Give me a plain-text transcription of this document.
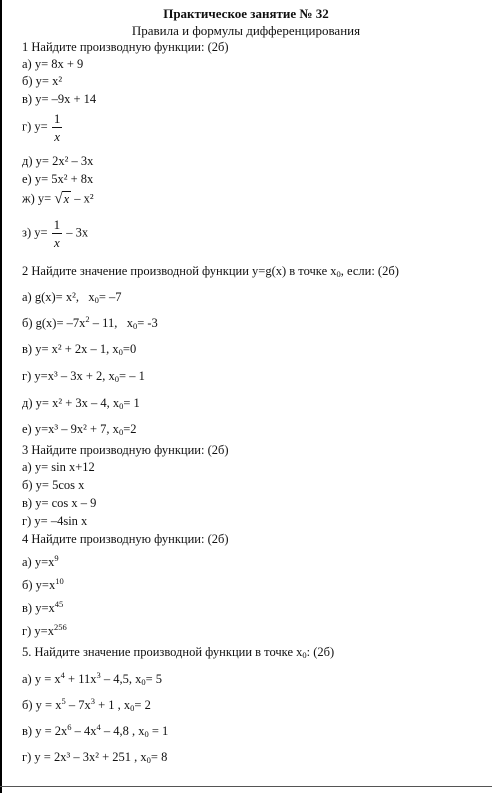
Практическое занятие № 32
Правила и формулы дифференцирования
1 Найдите производную функции: (2б)
а) y= 8x + 9
б) y= x²
в) y= –9x + 14
г) $y= \frac{1}{x}$
д) y= 2x² – 3x
е) y= 5x² + 8x
ж) y= √x – x²
з) $y= \frac{1}{x} - 3x$
2 Найдите значение производной функции y=g(x) в точке $x_0$, если: (2б)
а) g(x)= x², $x_0= -7$
б) $g(x)= -7x^2 - 11$, $x_0= -3$
в) y= x² + 2x – 1, $x_0=0$
г) y=x³ – 3x + 2, $x_0= - 1$
д) y= x² + 3x – 4, $x_0= 1$
е) y=x³ – 9x² + 7, $x_0=2$
3 Найдите производную функции: (2б)
а) y= sin x+12
б) y= 5cos x
в) y= cos x – 9
г) y= –4sin x
4 Найдите производную функции: (2б)
а) $y=x^9$
б) $y=x^{10}$
в) $y=x^{45}$
г) $y=x^{256}$
5. Найдите значение производной функции в точке $x_0$: (2б)
а) $y = x^4 + 11x^3 - 4,5$, $x_0= 5$
б) $y = x^5 - 7x^3 + 1$ , $x_0= 2$
в) $y = 2x^6 - 4x^4 - 4,8$ , $x_0 = 1$
г) y = 2x³ – 3x² + 251 , $x_0= 8$
